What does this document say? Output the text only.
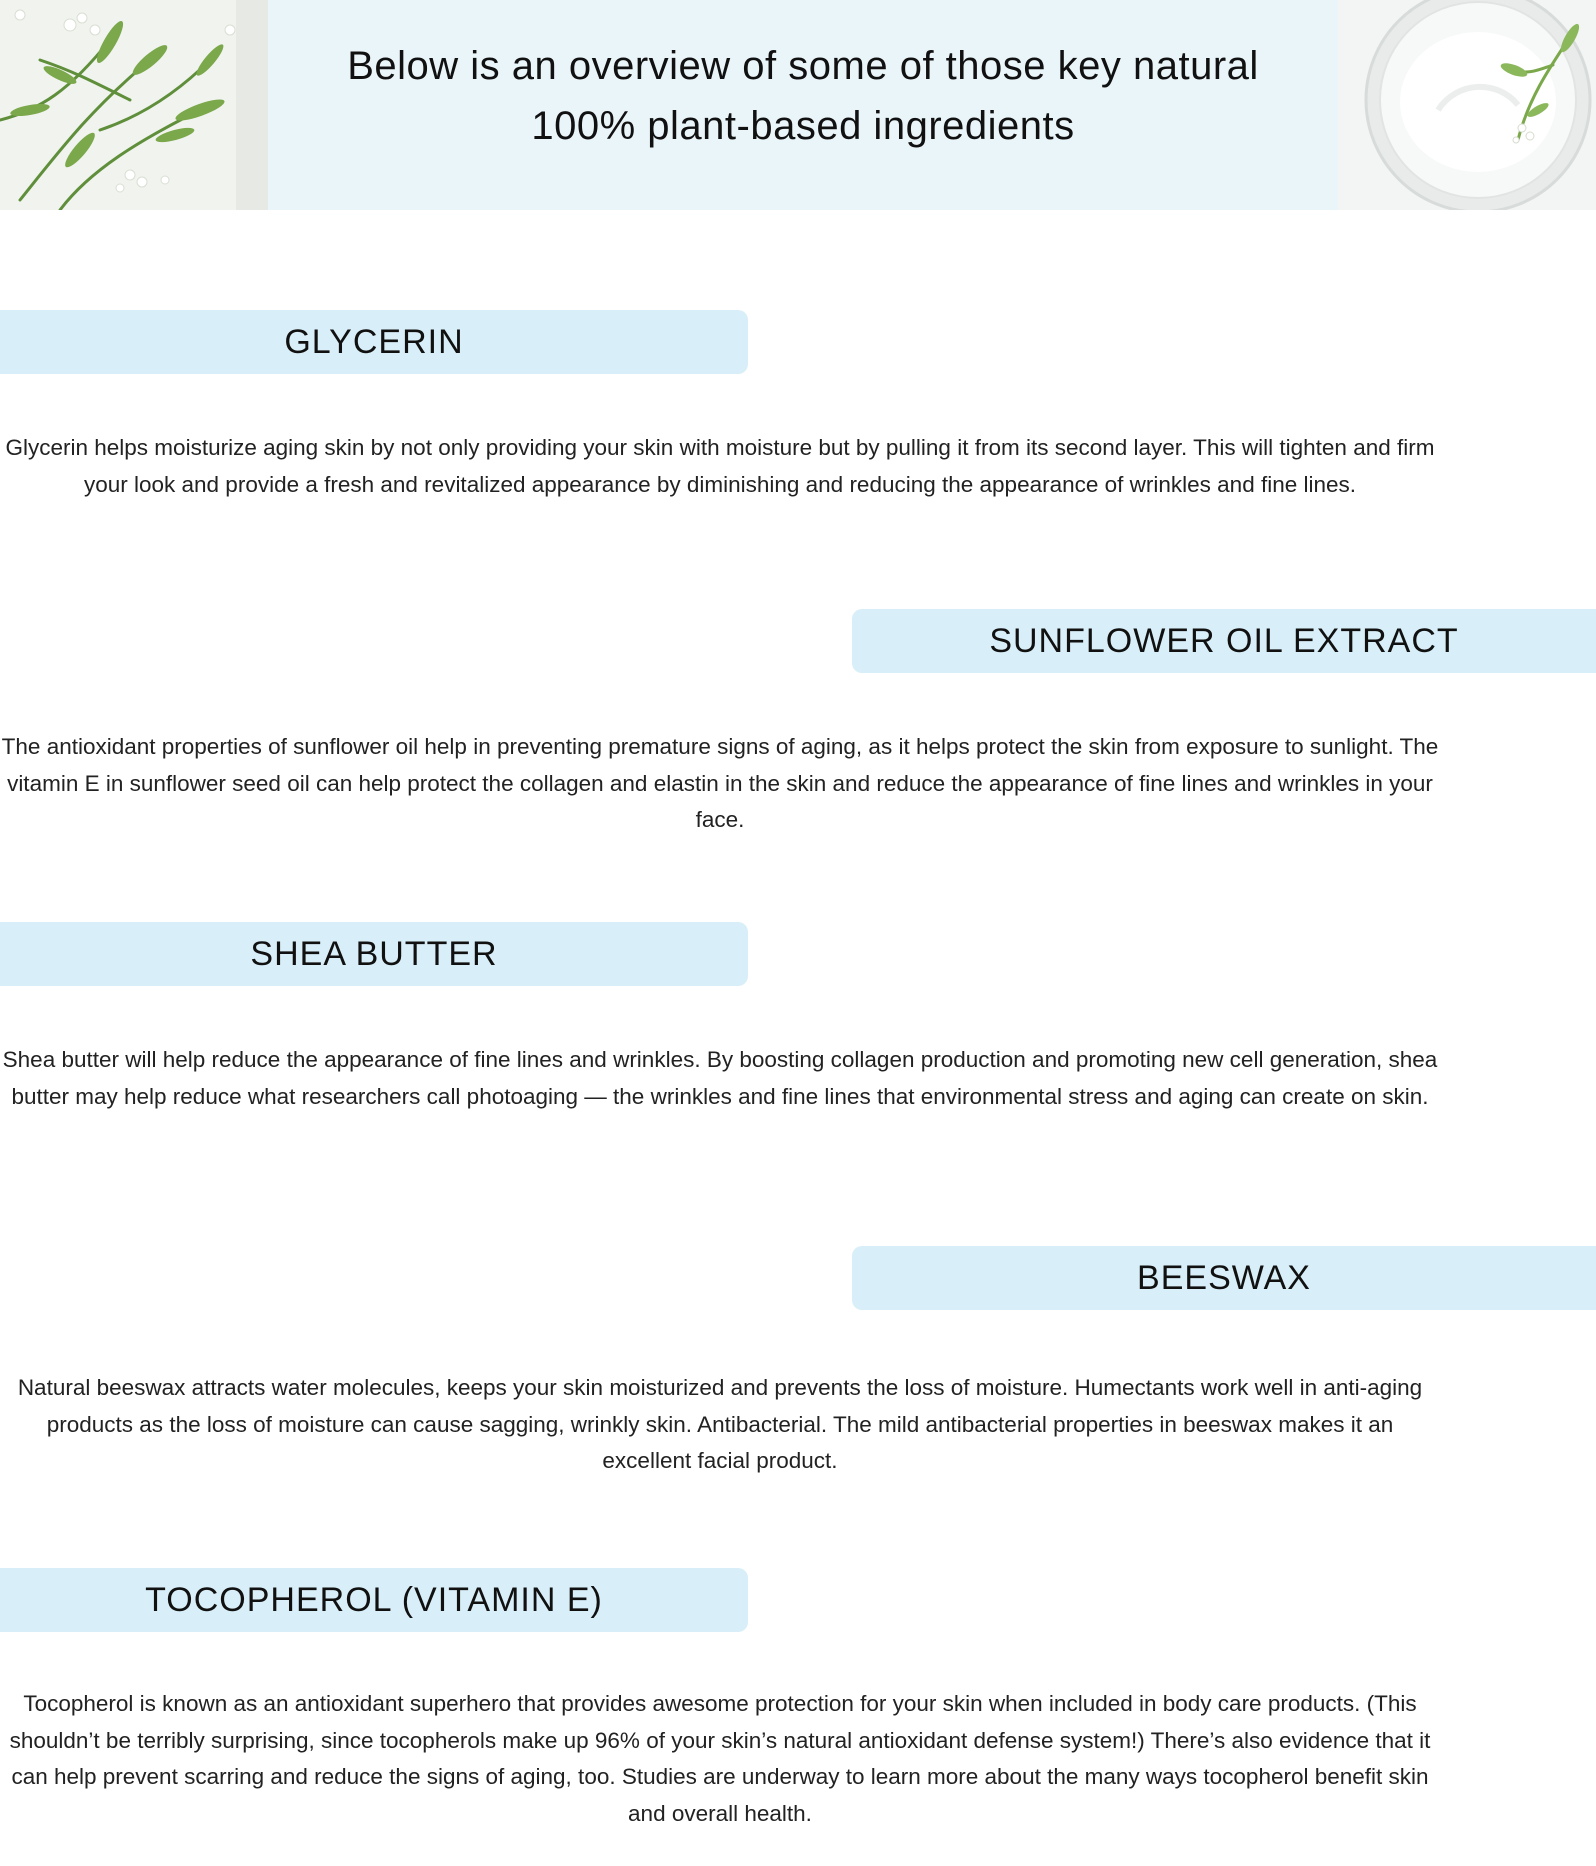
Below is an overview of some of those key natural
100% plant-based ingredients
GLYCERIN
Glycerin helps moisturize aging skin by not only providing your skin with moisture but by pulling it from its second layer. This will tighten and firm your look and provide a fresh and revitalized appearance by diminishing and reducing the appearance of wrinkles and fine lines.
SUNFLOWER OIL EXTRACT
The antioxidant properties of sunflower oil help in preventing premature signs of aging, as it helps protect the skin from exposure to sunlight. The vitamin E in sunflower seed oil can help protect the collagen and elastin in the skin and reduce the appearance of fine lines and wrinkles in your face.
SHEA BUTTER
Shea butter will help reduce the appearance of fine lines and wrinkles. By boosting collagen production and promoting new cell generation, shea butter may help reduce what researchers call photoaging — the wrinkles and fine lines that environmental stress and aging can create on skin.
BEESWAX
Natural beeswax attracts water molecules, keeps your skin moisturized and prevents the loss of moisture. Humectants work well in anti-aging products as the loss of moisture can cause sagging, wrinkly skin. Antibacterial. The mild antibacterial properties in beeswax makes it an excellent facial product.
TOCOPHEROL (VITAMIN E)
Tocopherol is known as an antioxidant superhero that provides awesome protection for your skin when included in body care products. (This shouldn’t be terribly surprising, since tocopherols make up 96% of your skin’s natural antioxidant defense system!) There’s also evidence that it can help prevent scarring and reduce the signs of aging, too. Studies are underway to learn more about the many ways tocopherol benefit skin and overall health.
